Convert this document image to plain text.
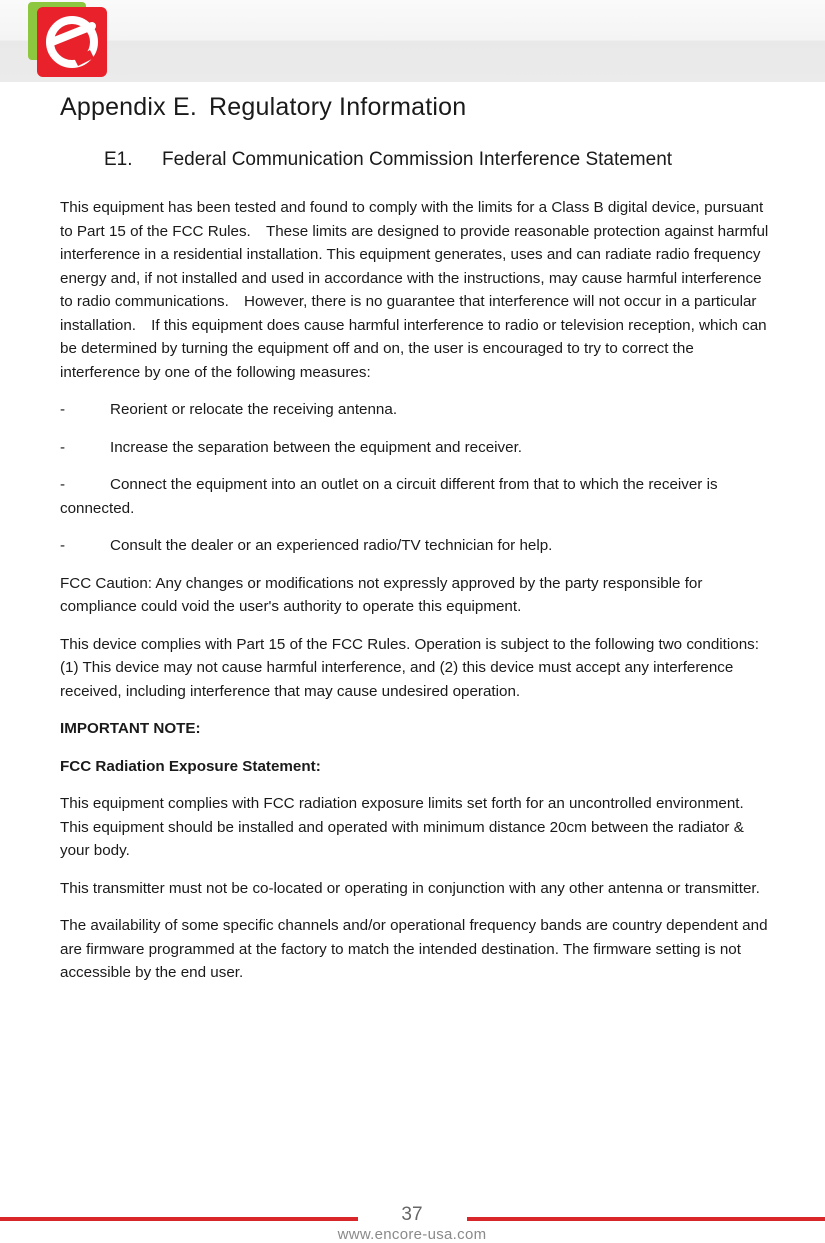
Appendix E. Regulatory Information
E1. Federal Communication Commission Interference Statement

This equipment has been tested and found to comply with the limits for a Class B digital device, pursuant to Part 15 of the FCC Rules. These limits are designed to provide reasonable protection against harmful interference in a residential installation. This equipment generates, uses and can radiate radio frequency energy and, if not installed and used in accordance with the instructions, may cause harmful interference to radio communications. However, there is no guarantee that interference will not occur in a particular installation. If this equipment does cause harmful interference to radio or television reception, which can be determined by turning the equipment off and on, the user is encouraged to try to correct the interference by one of the following measures:

-	Reorient or relocate the receiving antenna.

-	Increase the separation between the equipment and receiver.

-	Connect the equipment into an outlet on a circuit different from that to which the receiver is connected.

-	Consult the dealer or an experienced radio/TV technician for help.

FCC Caution: Any changes or modifications not expressly approved by the party responsible for compliance could void the user's authority to operate this equipment.

This device complies with Part 15 of the FCC Rules. Operation is subject to the following two conditions: (1) This device may not cause harmful interference, and (2) this device must accept any interference received, including interference that may cause undesired operation.

IMPORTANT NOTE:

FCC Radiation Exposure Statement:

This equipment complies with FCC radiation exposure limits set forth for an uncontrolled environment. This equipment should be installed and operated with minimum distance 20cm between the radiator & your body.

This transmitter must not be co-located or operating in conjunction with any other antenna or transmitter.

The availability of some specific channels and/or operational frequency bands are country dependent and are firmware programmed at the factory to match the intended destination. The firmware setting is not accessible by the end user.

37
www.encore-usa.com
